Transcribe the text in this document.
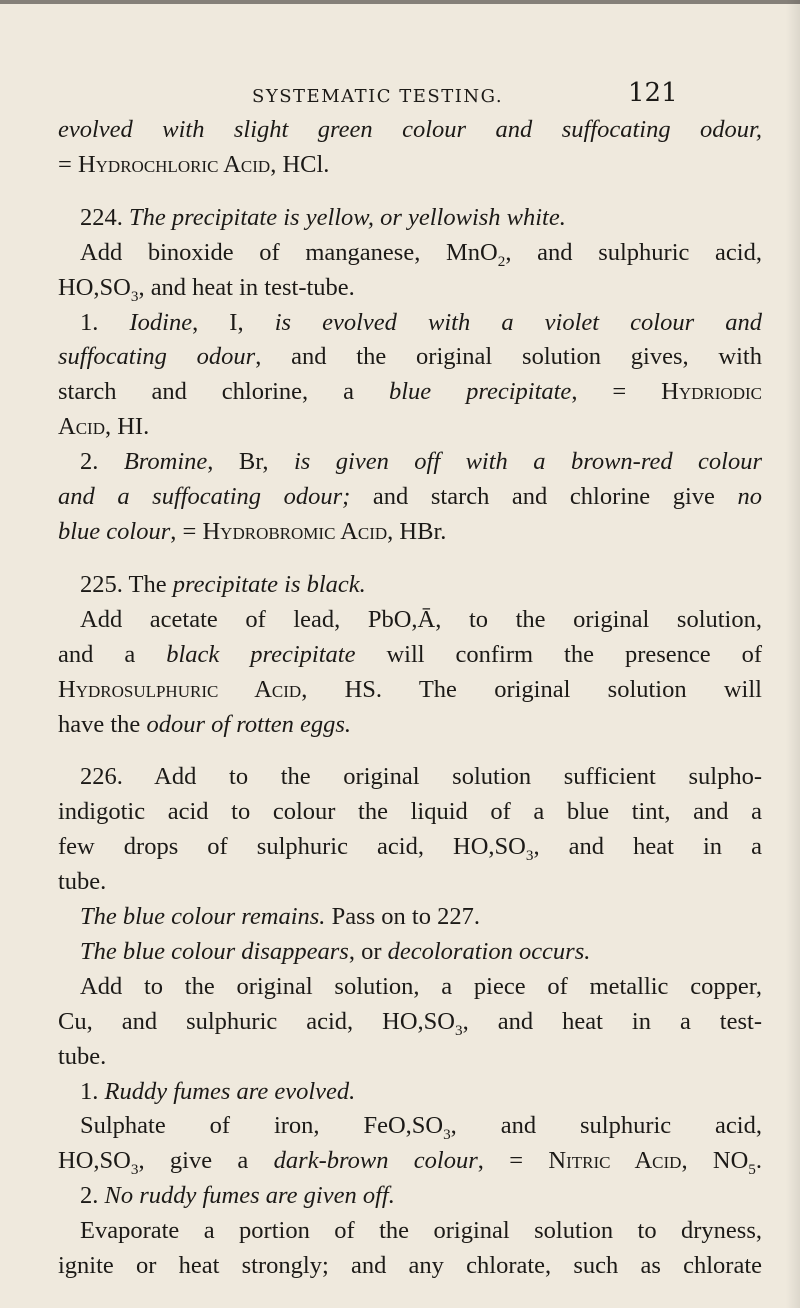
SYSTEMATIC TESTING.	121

evolved with slight green colour and suffocating odour,

= Hydrochloric Acid, HCl.

224. The precipitate is yellow, or yellowish white.

Add binoxide of manganese, MnO$_2$, and sulphuric acid,

$HO,SO_3$, and heat in test-tube.

1. Iodine, I, is evolved with a violet colour and

suffocating odour, and the original solution gives, with

starch and chlorine, a blue precipitate, = Hydriodic

Acid, HI.

2. Bromine, Br, is given off with a brown-red colour

and a suffocating odour; and starch and chlorine give no

blue colour, = Hydrobromic Acid, HBr.

225. The precipitate is black.

Add acetate of lead, PbO,Ā, to the original solution,

and a black precipitate will confirm the presence of

Hydrosulphuric Acid, HS. The original solution will

have the odour of rotten eggs.

226. Add to the original solution sufficient sulpho-

indigotic acid to colour the liquid of a blue tint, and a

few drops of sulphuric acid, $HO,SO_3$, and heat in a

tube.

The blue colour remains. Pass on to 227.

The blue colour disappears, or decoloration occurs.

Add to the original solution, a piece of metallic copper,

Cu, and sulphuric acid, $HO,SO_3$, and heat in a test-

tube.

1. Ruddy fumes are evolved.

Sulphate of iron, $FeO,SO_3$, and sulphuric acid,

$HO,SO_3$, give a dark-brown colour, = Nitric Acid, $NO_5$.

2. No ruddy fumes are given off.

Evaporate a portion of the original solution to dryness,

ignite or heat strongly; and any chlorate, such as chlorate
